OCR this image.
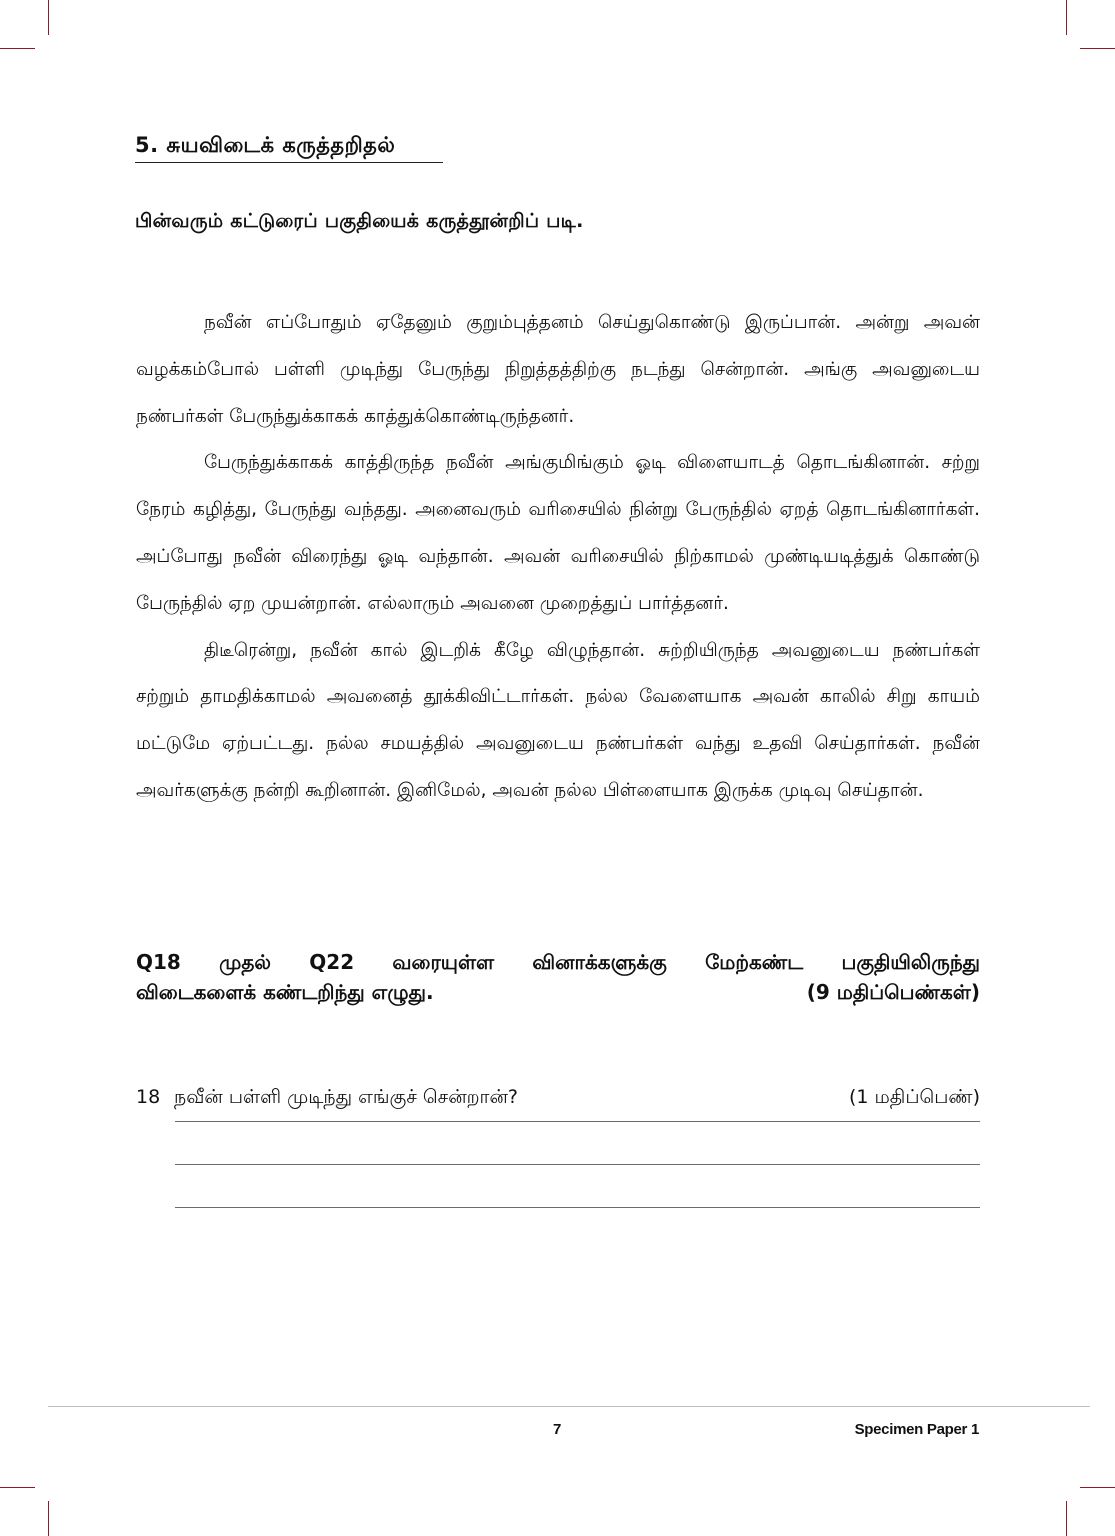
5. சுயவிடைக் கருத்தறிதல்
பின்வரும் கட்டுரைப் பகுதியைக் கருத்தூன்றிப் படி.

நவீன் எப்போதும் ஏதேனும் குறும்புத்தனம் செய்துகொண்டு இருப்பான். அன்று அவன் வழக்கம்போல் பள்ளி முடிந்து பேருந்து நிறுத்தத்திற்கு நடந்து சென்றான். அங்கு அவனுடைய நண்பர்கள் பேருந்துக்காகக் காத்துக்கொண்டிருந்தனர்.

பேருந்துக்காகக் காத்திருந்த நவீன் அங்குமிங்கும் ஓடி விளையாடத் தொடங்கினான். சற்று நேரம் கழித்து, பேருந்து வந்தது. அனைவரும் வரிசையில் நின்று பேருந்தில் ஏறத் தொடங்கினார்கள். அப்போது நவீன் விரைந்து ஓடி வந்தான். அவன் வரிசையில் நிற்காமல் முண்டியடித்துக் கொண்டு பேருந்தில் ஏற முயன்றான். எல்லாரும் அவனை முறைத்துப் பார்த்தனர்.

திடீரென்று, நவீன் கால் இடறிக் கீழே விழுந்தான். சுற்றியிருந்த அவனுடைய நண்பர்கள் சற்றும் தாமதிக்காமல் அவனைத் தூக்கிவிட்டார்கள். நல்ல வேளையாக அவன் காலில் சிறு காயம் மட்டுமே ஏற்பட்டது. நல்ல சமயத்தில் அவனுடைய நண்பர்கள் வந்து உதவி செய்தார்கள். நவீன் அவர்களுக்கு நன்றி கூறினான். இனிமேல், அவன் நல்ல பிள்ளையாக இருக்க முடிவு செய்தான்.

Q18 முதல் Q22 வரையுள்ள வினாக்களுக்கு மேற்கண்ட பகுதியிலிருந்து
விடைகளைக் கண்டறிந்து எழுது.	(9 மதிப்பெண்கள்)
18 நவீன் பள்ளி முடிந்து எங்குச் சென்றான்?	(1 மதிப்பெண்)
7	Specimen Paper 1
